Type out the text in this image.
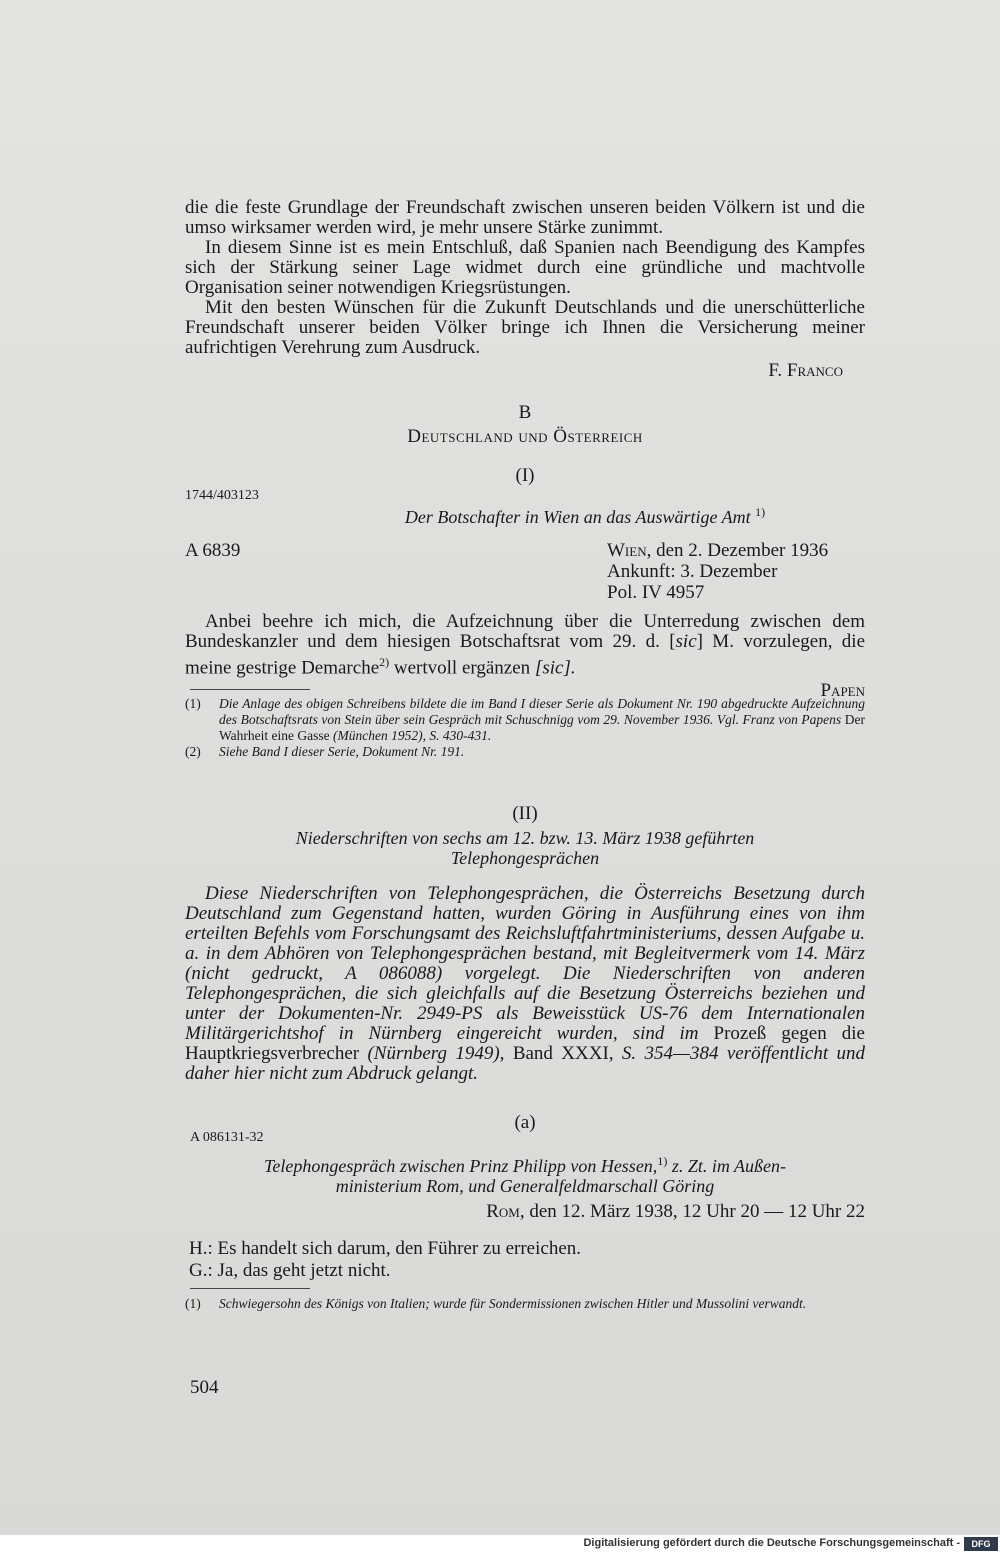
die die feste Grundlage der Freundschaft zwischen unseren beiden Völkern ist und die umso wirksamer werden wird, je mehr unsere Stärke zunimmt.

In diesem Sinne ist es mein Entschluß, daß Spanien nach Beendigung des Kampfes sich der Stärkung seiner Lage widmet durch eine gründliche und machtvolle Organisation seiner notwendigen Kriegsrüstungen.

Mit den besten Wünschen für die Zukunft Deutschlands und die unerschütterliche Freundschaft unserer beiden Völker bringe ich Ihnen die Versicherung meiner aufrichtigen Verehrung zum Ausdruck.

F. Franco
B
Deutschland und Österreich
(I)
1744/403123
Der Botschafter in Wien an das Auswärtige Amt $^{1)}$
A 6839	Wien, den 2. Dezember 1936
Ankunft: 3. Dezember
Pol. IV 4957

Anbei beehre ich mich, die Aufzeichnung über die Unterredung zwischen dem Bundeskanzler und dem hiesigen Botschaftsrat vom 29. d. [sic] M. vorzulegen, die meine gestrige Demarche$^{2)}$ wertvoll ergänzen [sic].

Papen

(1) Die Anlage des obigen Schreibens bildete die im Band I dieser Serie als Dokument Nr. 190 abgedruckte Aufzeichnung des Botschaftsrats von Stein über sein Gespräch mit Schuschnigg vom 29. November 1936. Vgl. Franz von Papens Der Wahrheit eine Gasse (München 1952), S. 430-431.

(2) Siehe Band I dieser Serie, Dokument Nr. 191.

(II)
Niederschriften von sechs am 12. bzw. 13. März 1938 geführten
Telephongesprächen

Diese Niederschriften von Telephongesprächen, die Österreichs Besetzung durch Deutschland zum Gegenstand hatten, wurden Göring in Ausführung eines von ihm erteilten Befehls vom Forschungsamt des Reichsluftfahrtministeriums, dessen Aufgabe u. a. in dem Abhören von Telephongesprächen bestand, mit Begleitvermerk vom 14. März (nicht gedruckt, A 086088) vorgelegt. Die Niederschriften von anderen Telephongesprächen, die sich gleichfalls auf die Besetzung Österreichs beziehen und unter der Dokumenten-Nr. 2949-PS als Beweisstück US-76 dem Internationalen Militärgerichtshof in Nürnberg eingereicht wurden, sind im Prozeß gegen die Hauptkriegsverbrecher (Nürnberg 1949), Band XXXI, S. 354—384 veröffentlicht und daher hier nicht zum Abdruck gelangt.

(a)
A 086131-32
Telephongespräch zwischen Prinz Philipp von Hessen,$^{1)}$ z. Zt. im Außen-
ministerium Rom, und Generalfeldmarschall Göring
Rom, den 12. März 1938, 12 Uhr 20 — 12 Uhr 22
H.: Es handelt sich darum, den Führer zu erreichen.
G.: Ja, das geht jetzt nicht.

(1) Schwiegersohn des Königs von Italien; wurde für Sondermissionen zwischen Hitler und Mussolini verwandt.

504
Digitalisierung gefördert durch die Deutsche Forschungsgemeinschaft -	DFG
